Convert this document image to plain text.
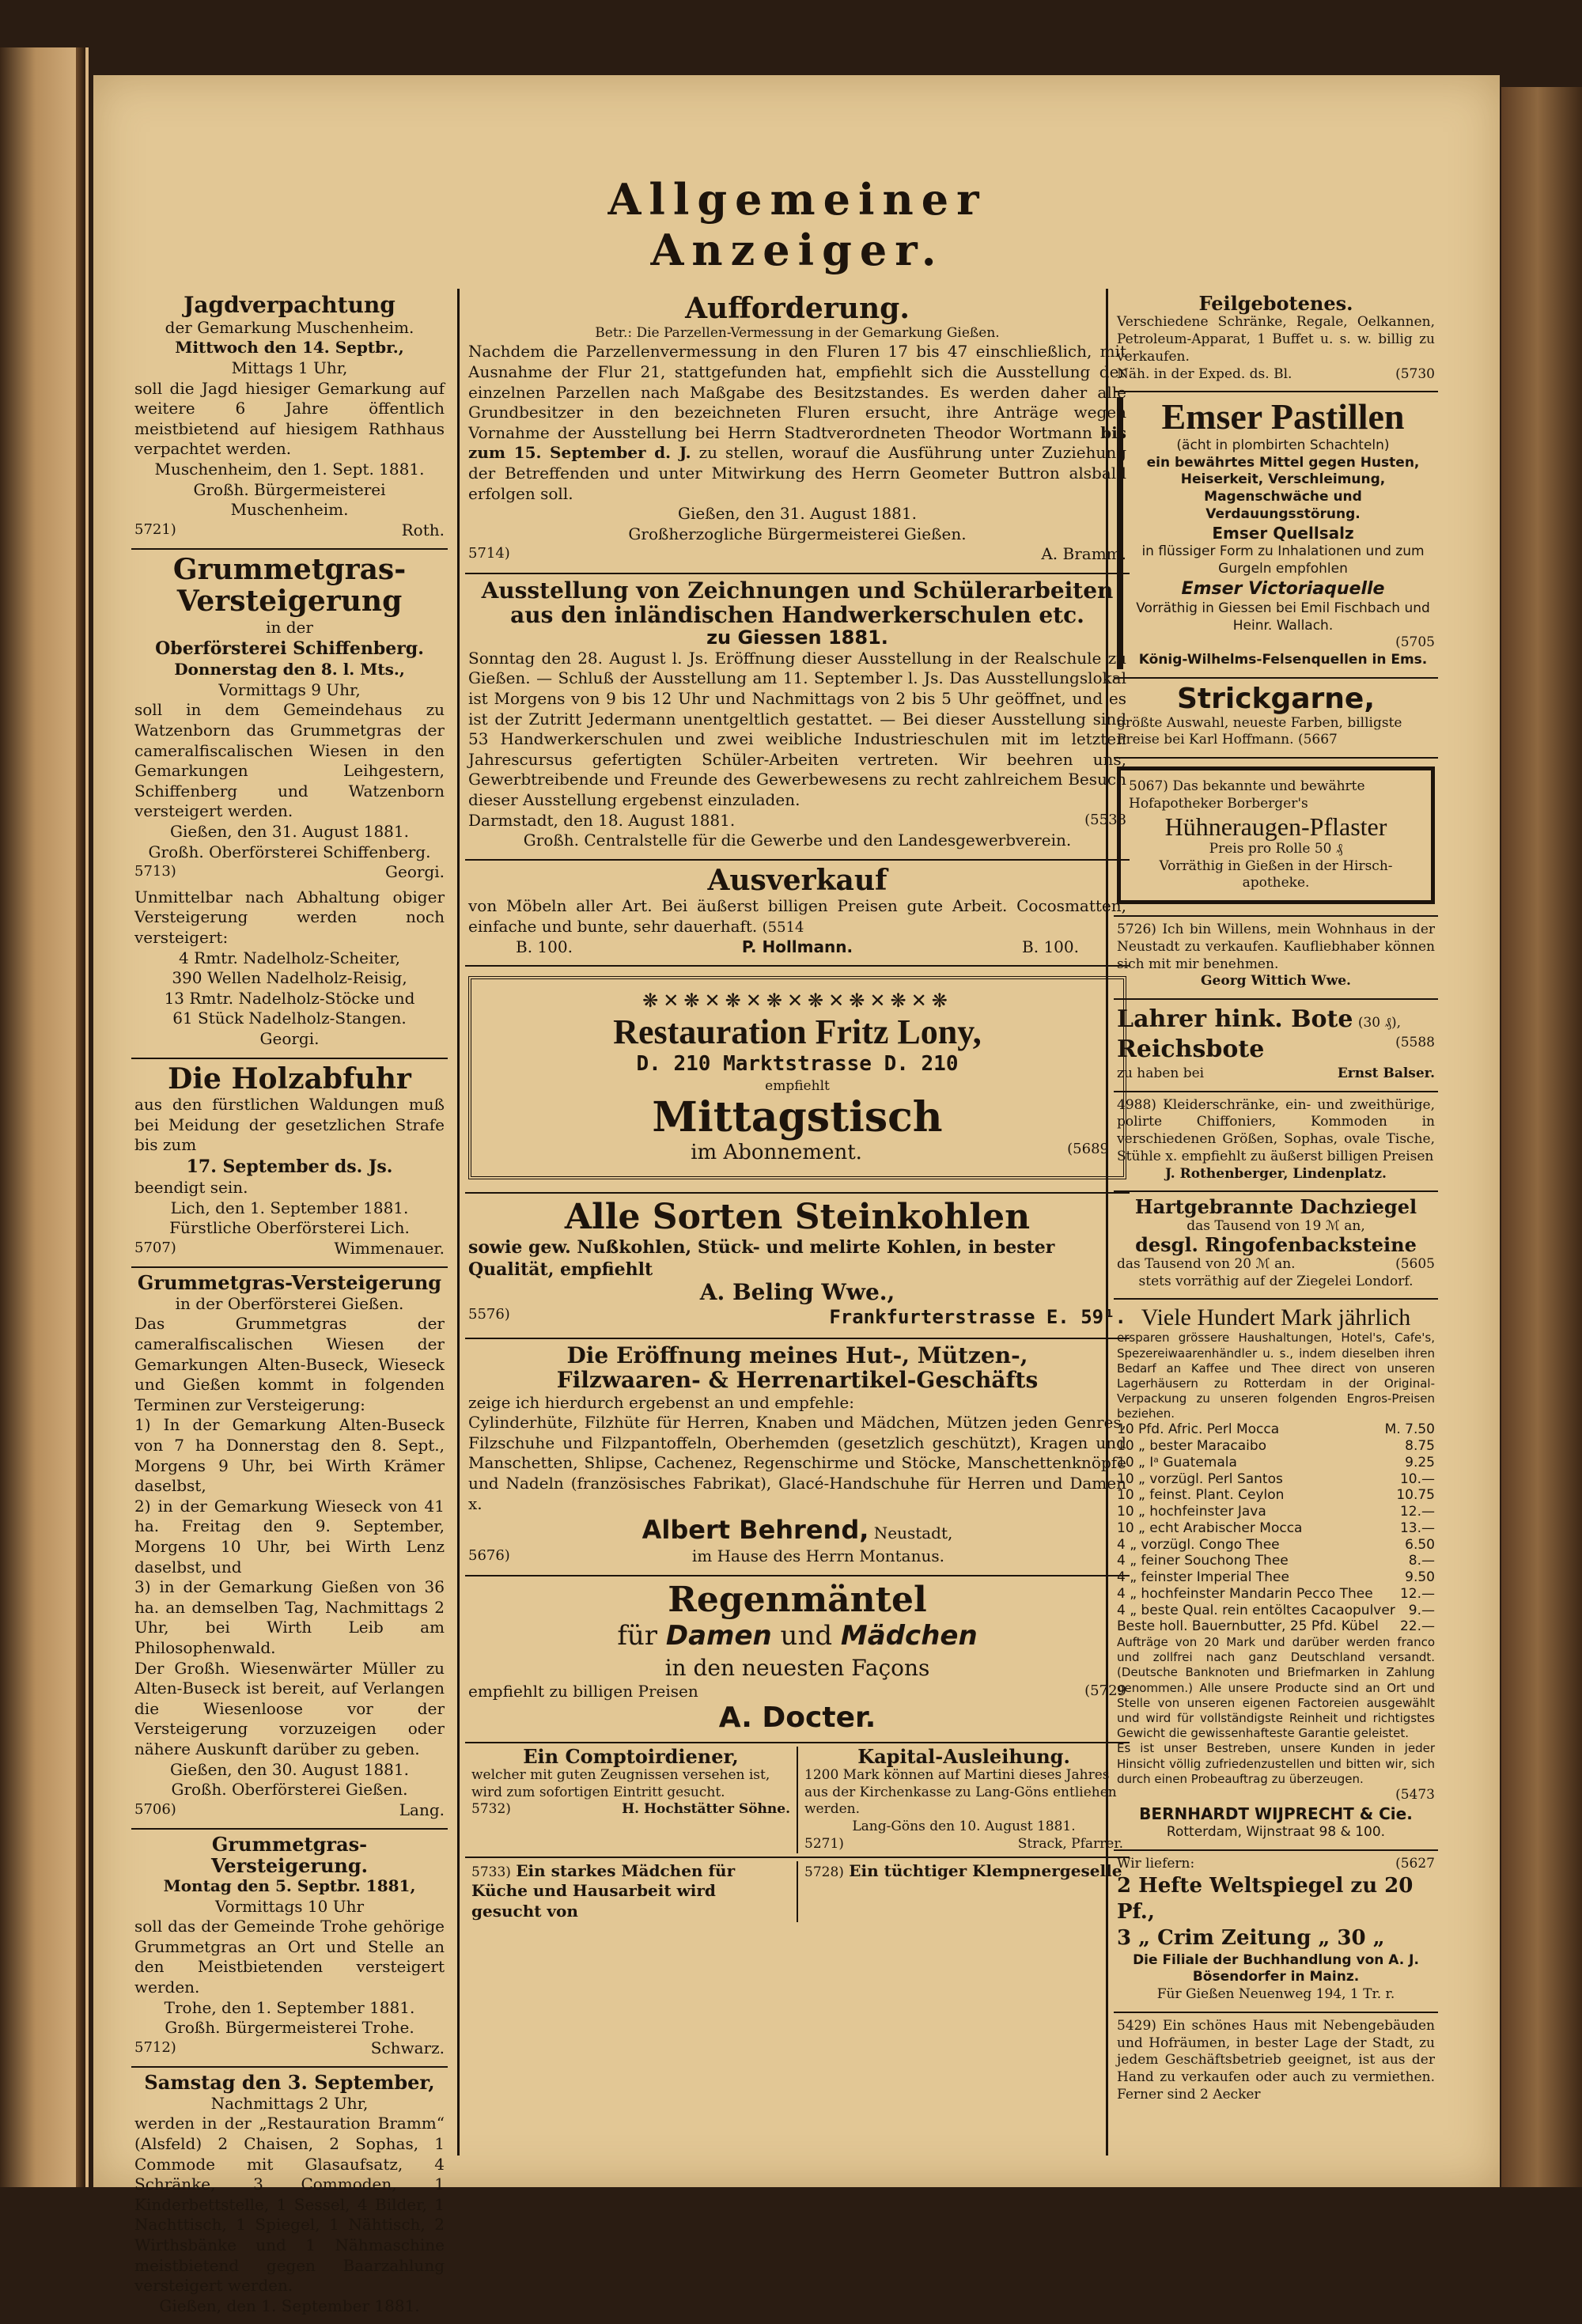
Allgemeiner Anzeiger.
Jagdverpachtung
der Gemarkung Muschenheim.
Mittwoch den 14. Septbr.,
Mittags 1 Uhr,
soll die Jagd hiesiger Gemarkung auf weitere 6 Jahre öffentlich meistbietend auf hiesigem Rathhaus verpachtet werden.
Muschenheim, den 1. Sept. 1881.
Großh. Bürgermeisterei Muschenheim.
5721)	Roth.
Grummetgras-
Versteigerung
in der
Oberförsterei Schiffenberg.
Donnerstag den 8. l. Mts.,
Vormittags 9 Uhr,
soll in dem Gemeindehaus zu Watzenborn das Grummetgras der cameralfiscalischen Wiesen in den Gemarkungen Leihgestern, Schiffenberg und Watzenborn versteigert werden.
Gießen, den 31. August 1881.
Großh. Oberförsterei Schiffenberg.
5713)	Georgi.
Unmittelbar nach Abhaltung obiger Versteigerung werden noch versteigert:
4 Rmtr. Nadelholz-Scheiter,
390 Wellen Nadelholz-Reisig,
13 Rmtr. Nadelholz-Stöcke und
61 Stück Nadelholz-Stangen.
Georgi.
Die Holzabfuhr
aus den fürstlichen Waldungen muß bei Meidung der gesetzlichen Strafe bis zum
17. September ds. Js.
beendigt sein.
Lich, den 1. September 1881.
Fürstliche Oberförsterei Lich.
5707)	Wimmenauer.
Grummetgras-Versteigerung
in der Oberförsterei Gießen.
Das Grummetgras der cameralfiscalischen Wiesen der Gemarkungen Alten-Buseck, Wieseck und Gießen kommt in folgenden Terminen zur Versteigerung:
1) In der Gemarkung Alten-Buseck von 7 ha Donnerstag den 8. Sept., Morgens 9 Uhr, bei Wirth Krämer daselbst,
2) in der Gemarkung Wieseck von 41 ha. Freitag den 9. September, Morgens 10 Uhr, bei Wirth Lenz daselbst, und
3) in der Gemarkung Gießen von 36 ha. an demselben Tag, Nachmittags 2 Uhr, bei Wirth Leib am Philosophenwald.
Der Großh. Wiesenwärter Müller zu Alten-Buseck ist bereit, auf Verlangen die Wiesenloose vor der Versteigerung vorzuzeigen oder nähere Auskunft darüber zu geben.
Gießen, den 30. August 1881.
Großh. Oberförsterei Gießen.
5706)	Lang.
Grummetgras-Versteigerung.
Montag den 5. Septbr. 1881,
Vormittags 10 Uhr
soll das der Gemeinde Trohe gehörige Grummetgras an Ort und Stelle an den Meistbietenden versteigert werden.
Trohe, den 1. September 1881.
Großh. Bürgermeisterei Trohe.
5712)	Schwarz.
Samstag den 3. September,
Nachmittags 2 Uhr,
werden in der „Restauration Bramm“ (Alsfeld) 2 Chaisen, 2 Sophas, 1 Commode mit Glasaufsatz, 4 Schränke, 3 Commoden, 1 Kinderbettstelle, 1 Sessel, 4 Bilder, 1 Nachttisch, 1 Spiegel, 1 Nähtisch, 2 Wirthsbänke und 1 Nähmaschine meistbietend gegen Baarzahlung versteigert werden.
Gießen, den 1. September 1881.
Aufforderung.
Betr.: Die Parzellen-Vermessung in der Gemarkung Gießen.
Nachdem die Parzellenvermessung in den Fluren 17 bis 47 einschließlich, mit Ausnahme der Flur 21, stattgefunden hat, empfiehlt sich die Ausstellung der einzelnen Parzellen nach Maßgabe des Besitzstandes. Es werden daher alle Grundbesitzer in den bezeichneten Fluren ersucht, ihre Anträge wegen Vornahme der Ausstellung bei Herrn Stadtverordneten Theodor Wortmann bis zum 15. September d. J. zu stellen, worauf die Ausführung unter Zuziehung der Betreffenden und unter Mitwirkung des Herrn Geometer Buttron alsbald erfolgen soll.
Gießen, den 31. August 1881.
Großherzogliche Bürgermeisterei Gießen.
5714)	A. Bramm.
Ausstellung von Zeichnungen und Schülerarbeiten
aus den inländischen Handwerkerschulen etc.
zu Giessen 1881.
Sonntag den 28. August l. Js. Eröffnung dieser Ausstellung in der Realschule zu Gießen. — Schluß der Ausstellung am 11. September l. Js. Das Ausstellungslokal ist Morgens von 9 bis 12 Uhr und Nachmittags von 2 bis 5 Uhr geöffnet, und es ist der Zutritt Jedermann unentgeltlich gestattet. — Bei dieser Ausstellung sind 53 Handwerkerschulen und zwei weibliche Industrieschulen mit im letzten Jahrescursus gefertigten Schüler-Arbeiten vertreten. Wir beehren uns, Gewerbtreibende und Freunde des Gewerbewesens zu recht zahlreichem Besuch dieser Ausstellung ergebenst einzuladen.
Darmstadt, den 18. August 1881.	(5538
Großh. Centralstelle für die Gewerbe und den Landesgewerbverein.
Ausverkauf
von Möbeln aller Art. Bei äußerst billigen Preisen gute Arbeit. Cocosmatten, einfache und bunte, sehr dauerhaft. (5514
B. 100.	P. Hollmann.	B. 100.
❋✕❋✕❋✕❋✕❋✕❋✕❋✕❋
Restauration Fritz Lony,
D. 210 Marktstrasse D. 210
empfiehlt
Mittagstisch
im Abonnement.	(5689
Alle Sorten Steinkohlen
sowie gew. Nußkohlen, Stück- und melirte Kohlen, in bester Qualität, empfiehlt
A. Beling Wwe.,
5576)	Frankfurterstrasse E. 59¹.
Die Eröffnung meines Hut-, Mützen-,
Filzwaaren- & Herrenartikel-Geschäfts
zeige ich hierdurch ergebenst an und empfehle:
Cylinderhüte, Filzhüte für Herren, Knaben und Mädchen, Mützen jeden Genres, Filzschuhe und Filzpantoffeln, Oberhemden (gesetzlich geschützt), Kragen und Manschetten, Shlipse, Cachenez, Regenschirme und Stöcke, Manschettenknöpfe und Nadeln (französisches Fabrikat), Glacé-Handschuhe für Herren und Damen x.
Albert Behrend, Neustadt,
5676)	im Hause des Herrn Montanus.
Regenmäntel
für Damen und Mädchen
in den neuesten Façons
empfiehlt zu billigen Preisen	(5729
A. Docter.
Ein Comptoirdiener,
welcher mit guten Zeugnissen versehen ist, wird zum sofortigen Eintritt gesucht.
5732)	H. Hochstätter Söhne.
Kapital-Ausleihung.
1200 Mark können auf Martini dieses Jahres aus der Kirchenkasse zu Lang-Göns entliehen werden.
Lang-Göns den 10. August 1881.
5271)	Strack, Pfarrer.
5733) Ein starkes Mädchen für Küche und Hausarbeit wird gesucht von
5728) Ein tüchtiger Klempnergeselle
Feilgebotenes.
Verschiedene Schränke, Regale, Oelkannen, Petroleum-Apparat, 1 Buffet u. s. w. billig zu verkaufen.
Näh. in der Exped. ds. Bl.	(5730
Emser Pastillen
(ächt in plombirten Schachteln)
ein bewährtes Mittel gegen Husten, Heiserkeit, Verschleimung, Magenschwäche und Verdauungsstörung.
Emser Quellsalz
in flüssiger Form zu Inhalationen und zum Gurgeln empfohlen
Emser Victoriaquelle
Vorräthig in Giessen bei Emil Fischbach und Heinr. Wallach.
(5705
König-Wilhelms-Felsenquellen in Ems.
Strickgarne,
größte Auswahl, neueste Farben, billigste Preise bei Karl Hoffmann. (5667
5067) Das bekannte und bewährte Hofapotheker Borberger's
Hühneraugen-Pflaster
Preis pro Rolle 50 ₰
Vorräthig in Gießen in der Hirsch-apotheke.
5726) Ich bin Willens, mein Wohnhaus in der Neustadt zu verkaufen. Kaufliebhaber können sich mit mir benehmen.
Georg Wittich Wwe.
Lahrer hink. Bote (30 ₰),
Reichsbote	(5588
zu haben bei	Ernst Balser.
4988) Kleiderschränke, ein- und zweithürige, polirte Chiffoniers, Kommoden in verschiedenen Größen, Sophas, ovale Tische, Stühle x. empfiehlt zu äußerst billigen Preisen
J. Rothenberger, Lindenplatz.
Hartgebrannte Dachziegel
das Tausend von 19 ℳ an,
desgl. Ringofenbacksteine
das Tausend von 20 ℳ an.	(5605
stets vorräthig auf der Ziegelei Londorf.
Viele Hundert Mark jährlich
ersparen grössere Haushaltungen, Hotel's, Cafe's, Spezereiwaarenhändler u. s., indem dieselben ihren Bedarf an Kaffee und Thee direct von unseren Lagerhäusern zu Rotterdam in der Original-Verpackung zu unseren folgenden Engros-Preisen beziehen.
10 Pfd. Afric. Perl Mocca	M. 7.50
10 „ bester Maracaibo	8.75
10 „ Iᵃ Guatemala	9.25
10 „ vorzügl. Perl Santos	10.—
10 „ feinst. Plant. Ceylon	10.75
10 „ hochfeinster Java	12.—
10 „ echt Arabischer Mocca	13.—
4 „ vorzügl. Congo Thee	6.50
4 „ feiner Souchong Thee	8.—
4 „ feinster Imperial Thee	9.50
4 „ hochfeinster Mandarin Pecco Thee 12.—
4 „ beste Qual. rein entöltes Cacaopulver 9.—
Beste holl. Bauernbutter, 25 Pfd. Kübel 22.—
Aufträge von 20 Mark und darüber werden franco und zollfrei nach ganz Deutschland versandt. (Deutsche Banknoten und Briefmarken in Zahlung genommen.) Alle unsere Producte sind an Ort und Stelle von unseren eigenen Factoreien ausgewählt und wird für vollständigste Reinheit und richtigstes Gewicht die gewissenhafteste Garantie geleistet.
Es ist unser Bestreben, unsere Kunden in jeder Hinsicht völlig zufriedenzustellen und bitten wir, sich durch einen Probeauftrag zu überzeugen.
(5473
BERNHARDT WIJPRECHT & Cie.
Rotterdam, Wijnstraat 98 & 100.
Wir liefern:	(5627
2 Hefte Weltspiegel zu 20 Pf.,
3 „ Crim Zeitung „ 30 „
Die Filiale der Buchhandlung von A. J. Bösendorfer in Mainz.
Für Gießen Neuenweg 194, 1 Tr. r.
5429) Ein schönes Haus mit Nebengebäuden und Hofräumen, in bester Lage der Stadt, zu jedem Geschäftsbetrieb geeignet, ist aus der Hand zu verkaufen oder auch zu vermiethen. Ferner sind 2 Aecker
